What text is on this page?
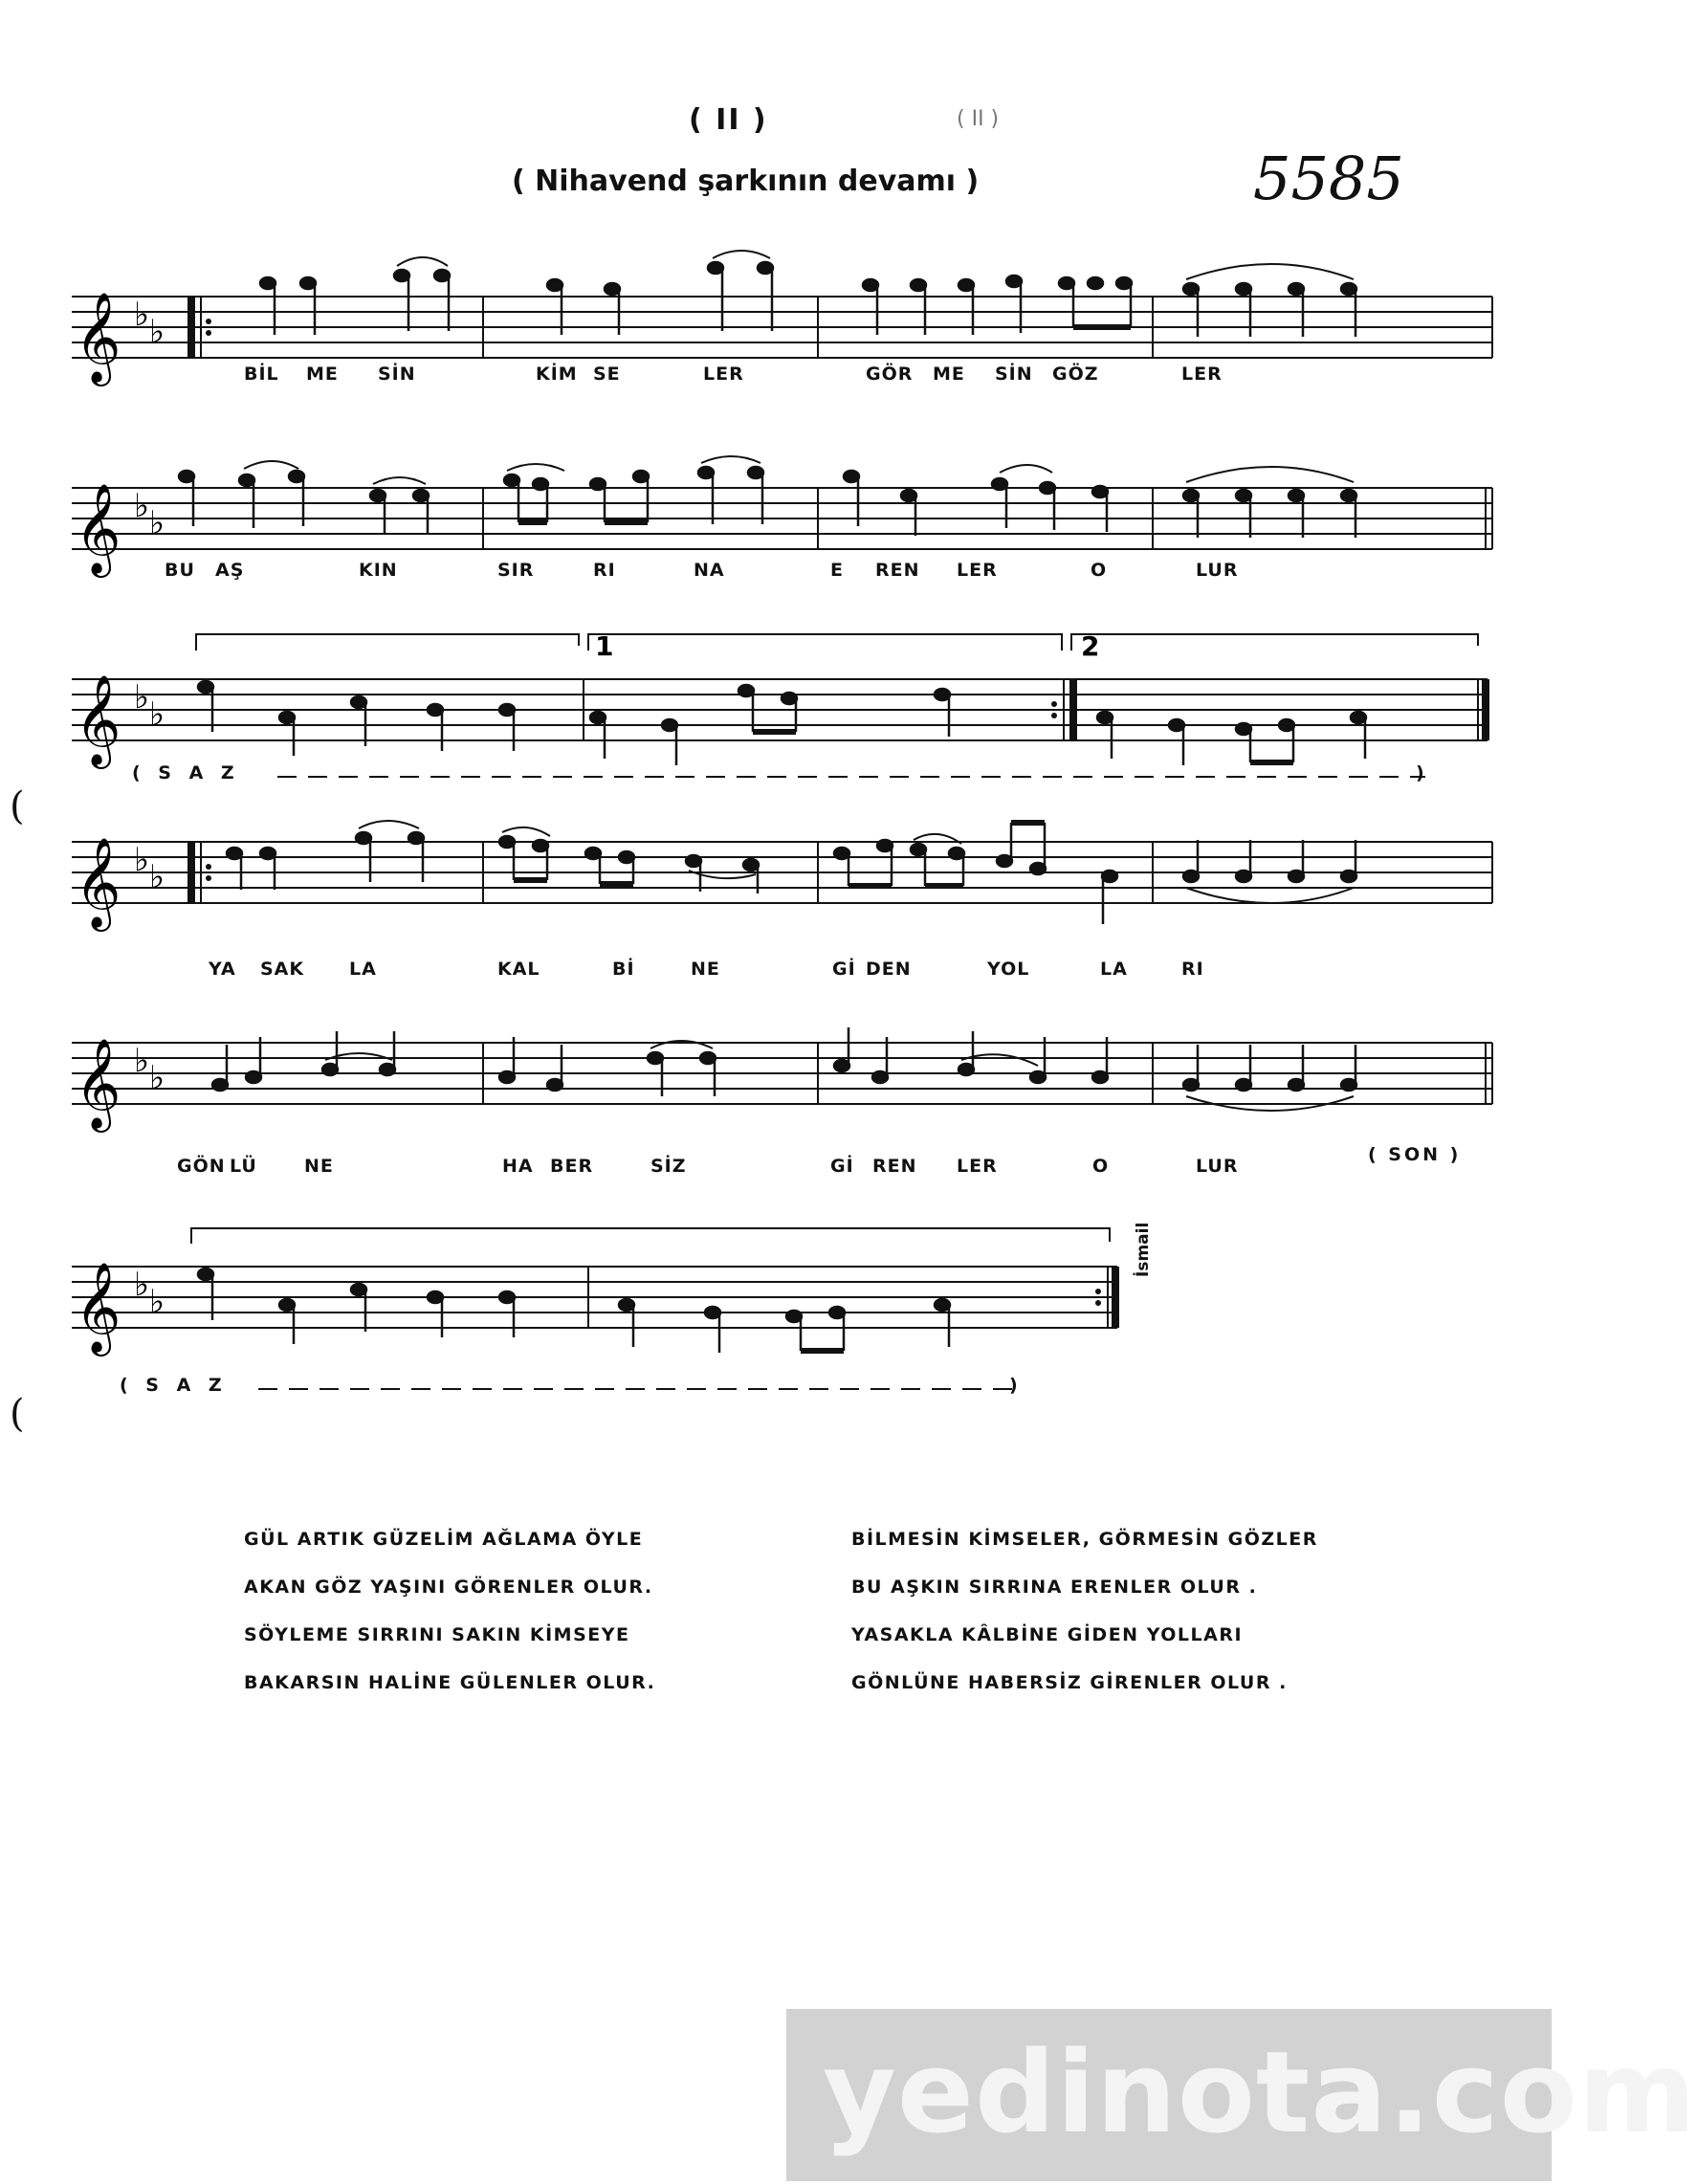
( II )	( II )
( Nihavend şarkının devamı )	5585
𝄞 ♭ ♭
BİL ME SİN	KİM SE	LER	GÖR ME SİN GÖZ	LER
𝄞 ♭ ♭
BU AŞ	KIN	SIR	RI	NA	E REN LER	O	LUR
1	2
𝄞 ♭ ♭
( S A Z	)
(
𝄞 ♭ ♭
YA SAK LA	KAL	Bİ	NE	Gİ DEN	YOL	LA	RI
𝄞 ♭ ♭
GÖN LÜ	NE	HA BER	SİZ	Gİ REN LER	O	LUR
( SON )
𝄞 ♭ ♭
İsmail
( S A Z	)
(
GÜL ARTIK GÜZELİM AĞLAMA ÖYLE
AKAN GÖZ YAŞINI GÖRENLER OLUR.
SÖYLEME SIRRINI SAKIN KİMSEYE
BAKARSIN HALİNE GÜLENLER OLUR.
BİLMESİN KİMSELER, GÖRMESİN GÖZLER
BU AŞKIN SIRRINA ERENLER OLUR .
YASAKLA KÂLBİNE GİDEN YOLLARI
GÖNLÜNE HABERSİZ GİRENLER OLUR .
yedinota.com
